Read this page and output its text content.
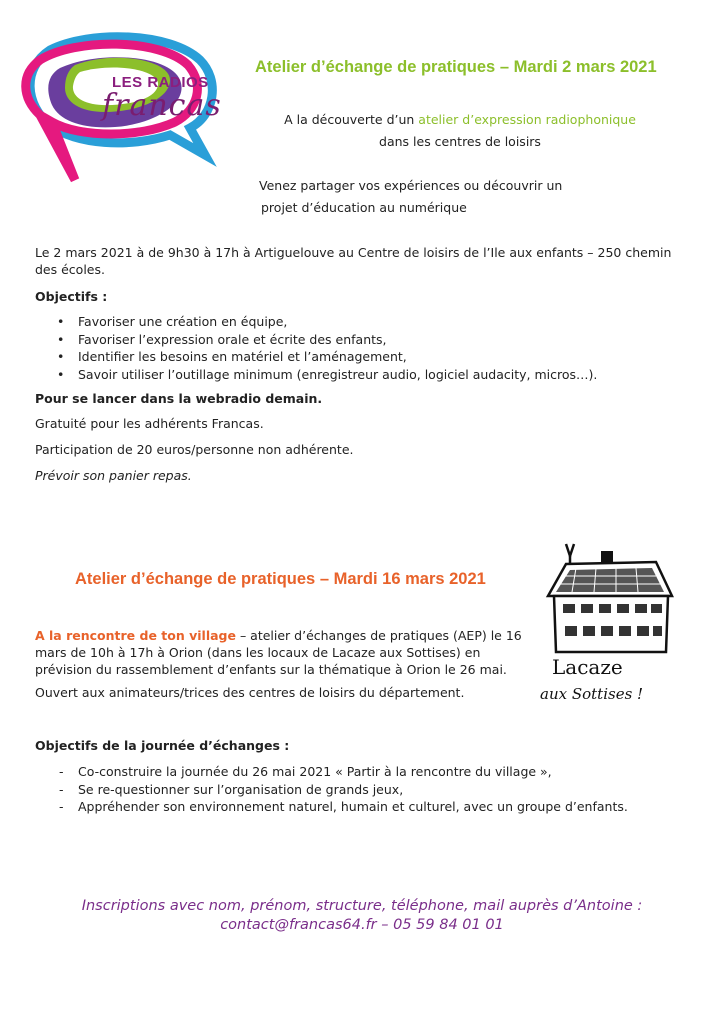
LES RADIOS
francas
Atelier d’échange de pratiques – Mardi 2 mars 2021
A la découverte d’un atelier d’expression radiophonique
dans les centres de loisirs
Venez partager vos expériences ou découvrir un
projet d’éducation au numérique
Le 2 mars 2021 à de 9h30 à 17h à Artiguelouve au Centre de loisirs de l’Ile aux enfants – 250 chemin des écoles.
Objectifs :
• Favoriser une création en équipe,
• Favoriser l’expression orale et écrite des enfants,
• Identifier les besoins en matériel et l’aménagement,
• Savoir utiliser l’outillage minimum (enregistreur audio, logiciel audacity, micros…).
Pour se lancer dans la webradio demain.
Gratuité pour les adhérents Francas.
Participation de 20 euros/personne non adhérente.
Prévoir son panier repas.
Atelier d’échange de pratiques – Mardi 16 mars 2021
A la rencontre de ton village – atelier d’échanges de pratiques (AEP) le 16 mars de 10h à 17h à Orion (dans les locaux de Lacaze aux Sottises) en prévision du rassemblement d’enfants sur la thématique à Orion le 26 mai.
Ouvert aux animateurs/trices des centres de loisirs du département.
Objectifs de la journée d’échanges :
- Co-construire la journée du 26 mai 2021 « Partir à la rencontre du village »,
- Se re-questionner sur l’organisation de grands jeux,
- Appréhender son environnement naturel, humain et culturel, avec un groupe d’enfants.
Lacaze
aux Sottises !
Inscriptions avec nom, prénom, structure, téléphone, mail auprès d’Antoine :
contact@francas64.fr – 05 59 84 01 01
